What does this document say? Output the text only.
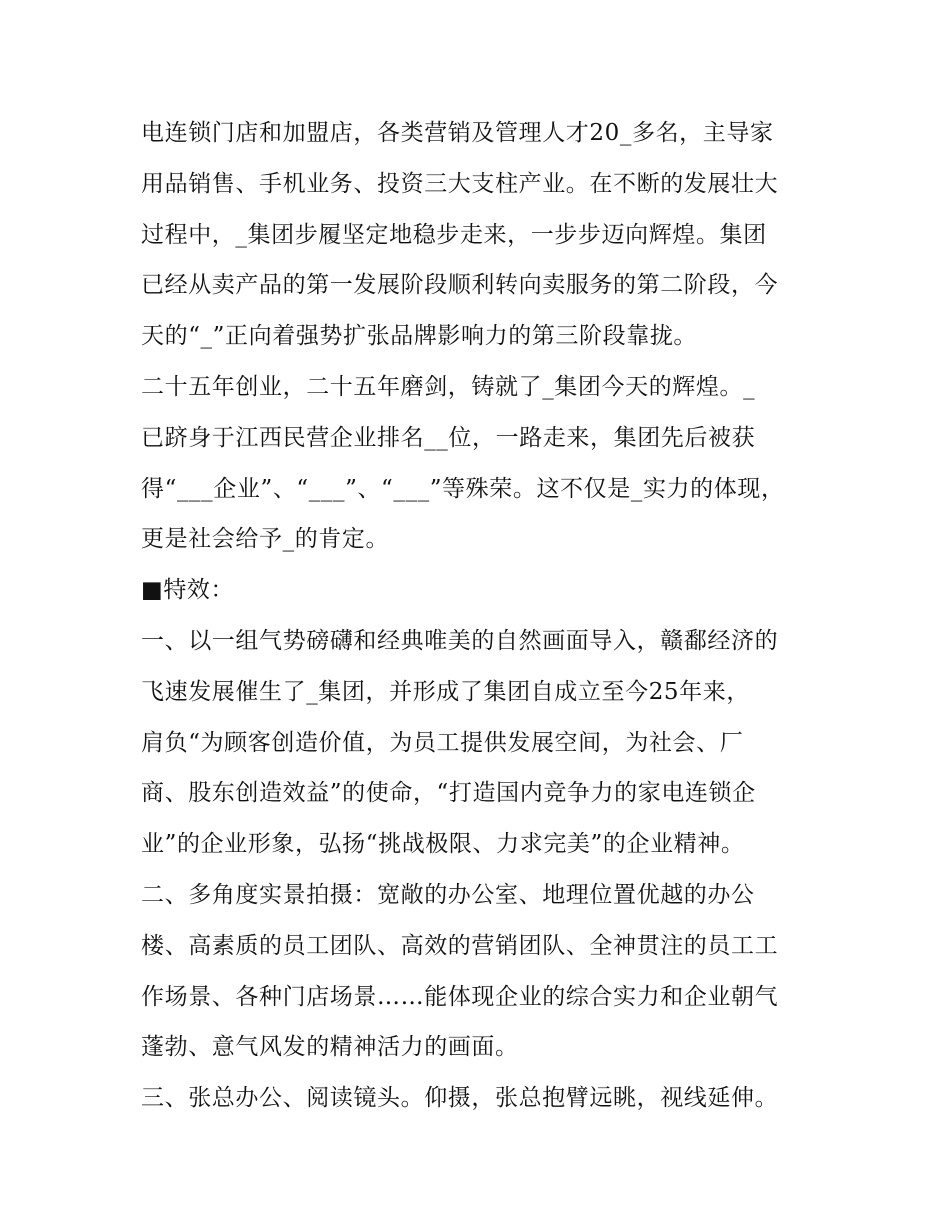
电连锁门店和加盟店，各类营销及管理人才20_多名，主导家
用品销售、手机业务、投资三大支柱产业。在不断的发展壮大
过程中，_集团步履坚定地稳步走来，一步步迈向辉煌。集团
已经从卖产品的第一发展阶段顺利转向卖服务的第二阶段，今
天的“_”正向着强势扩张品牌影响力的第三阶段靠拢。
二十五年创业，二十五年磨剑，铸就了_集团今天的辉煌。_
已跻身于江西民营企业排名__位，一路走来，集团先后被获
得“___企业”、“___”、“___”等殊荣。这不仅是_实力的体现，
更是社会给予_的肯定。
■特效：
一、以一组气势磅礴和经典唯美的自然画面导入，赣鄱经济的
飞速发展催生了_集团，并形成了集团自成立至今25年来，
肩负“为顾客创造价值，为员工提供发展空间，为社会、厂
商、股东创造效益”的使命，“打造国内竞争力的家电连锁企
业”的企业形象，弘扬“挑战极限、力求完美”的企业精神。
二、多角度实景拍摄：宽敞的办公室、地理位置优越的办公
楼、高素质的员工团队、高效的营销团队、全神贯注的员工工
作场景、各种门店场景……能体现企业的综合实力和企业朝气
蓬勃、意气风发的精神活力的画面。
三、张总办公、阅读镜头。仰摄，张总抱臂远眺，视线延伸。
